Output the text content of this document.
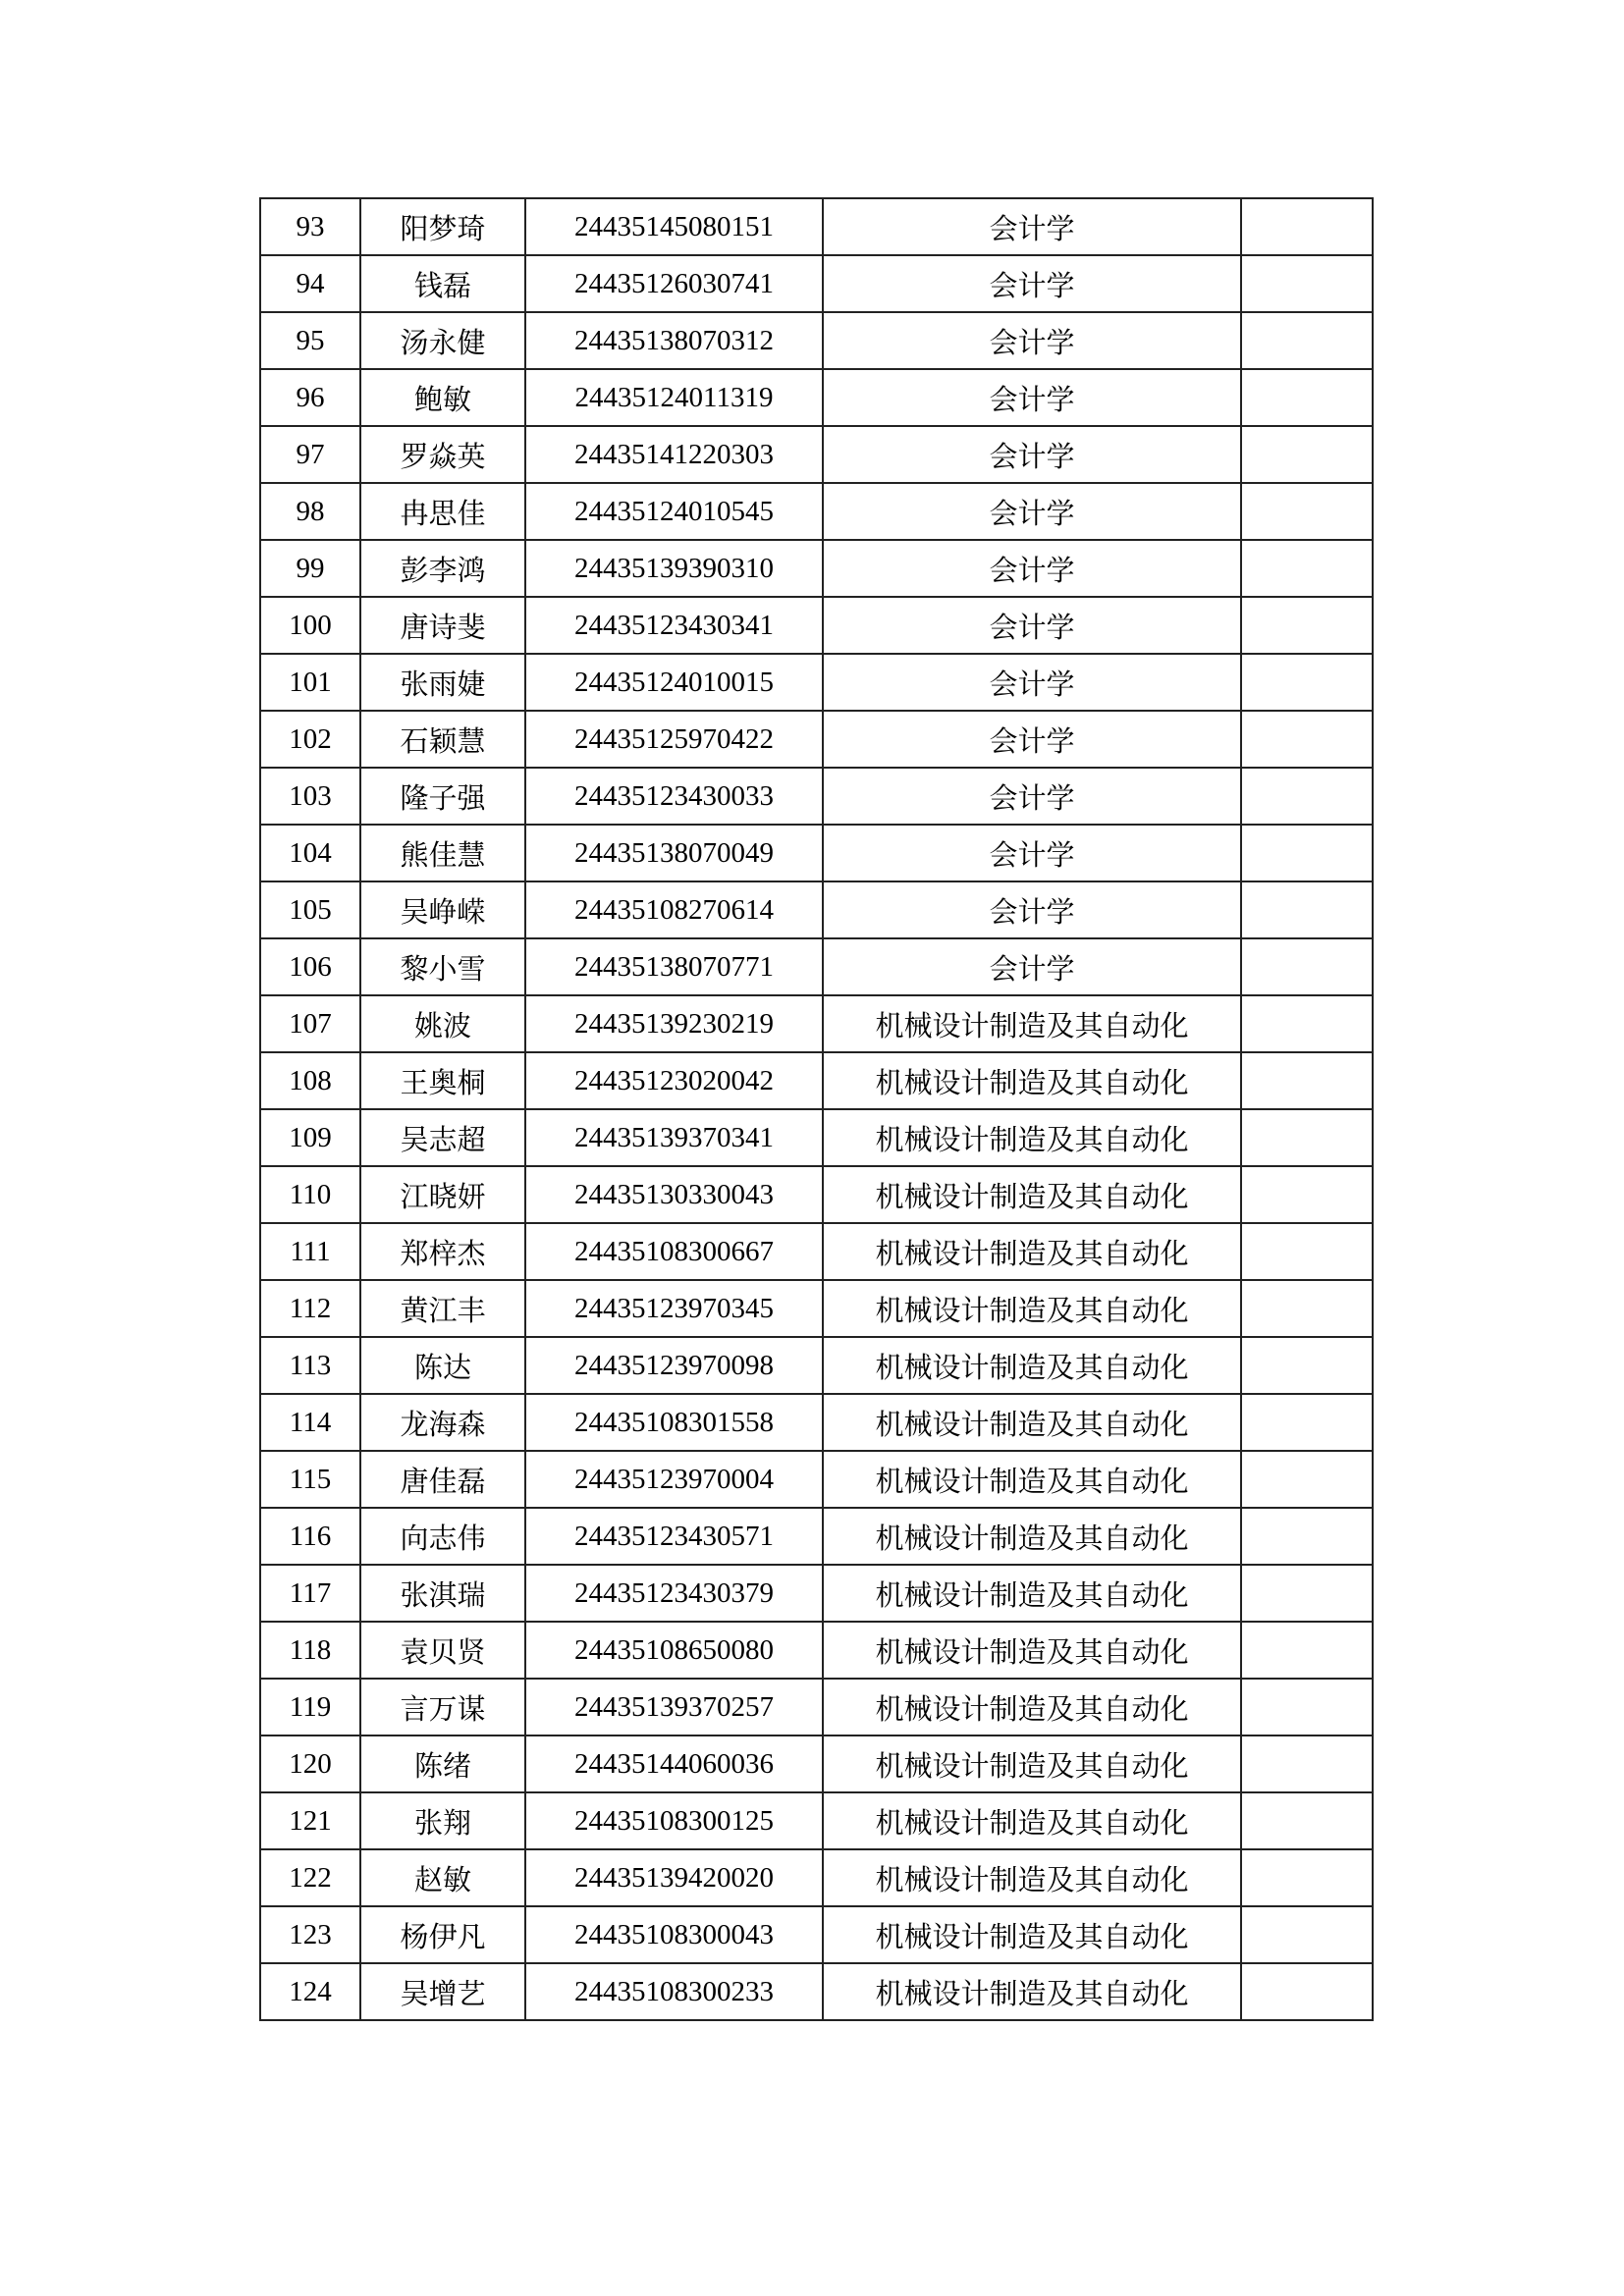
93	阳梦琦	24435145080151	会计学	
94	钱磊	24435126030741	会计学	
95	汤永健	24435138070312	会计学	
96	鲍敏	24435124011319	会计学	
97	罗焱英	24435141220303	会计学	
98	冉思佳	24435124010545	会计学	
99	彭李鸿	24435139390310	会计学	
100	唐诗斐	24435123430341	会计学	
101	张雨婕	24435124010015	会计学	
102	石颖慧	24435125970422	会计学	
103	隆子强	24435123430033	会计学	
104	熊佳慧	24435138070049	会计学	
105	吴峥嵘	24435108270614	会计学	
106	黎小雪	24435138070771	会计学	
107	姚波	24435139230219	机械设计制造及其自动化	
108	王奥桐	24435123020042	机械设计制造及其自动化	
109	吴志超	24435139370341	机械设计制造及其自动化	
110	江晓妍	24435130330043	机械设计制造及其自动化	
111	郑梓杰	24435108300667	机械设计制造及其自动化	
112	黄江丰	24435123970345	机械设计制造及其自动化	
113	陈达	24435123970098	机械设计制造及其自动化	
114	龙海森	24435108301558	机械设计制造及其自动化	
115	唐佳磊	24435123970004	机械设计制造及其自动化	
116	向志伟	24435123430571	机械设计制造及其自动化	
117	张淇瑞	24435123430379	机械设计制造及其自动化	
118	袁贝贤	24435108650080	机械设计制造及其自动化	
119	言万谋	24435139370257	机械设计制造及其自动化	
120	陈绪	24435144060036	机械设计制造及其自动化	
121	张翔	24435108300125	机械设计制造及其自动化	
122	赵敏	24435139420020	机械设计制造及其自动化	
123	杨伊凡	24435108300043	机械设计制造及其自动化	
124	吴增艺	24435108300233	机械设计制造及其自动化	
